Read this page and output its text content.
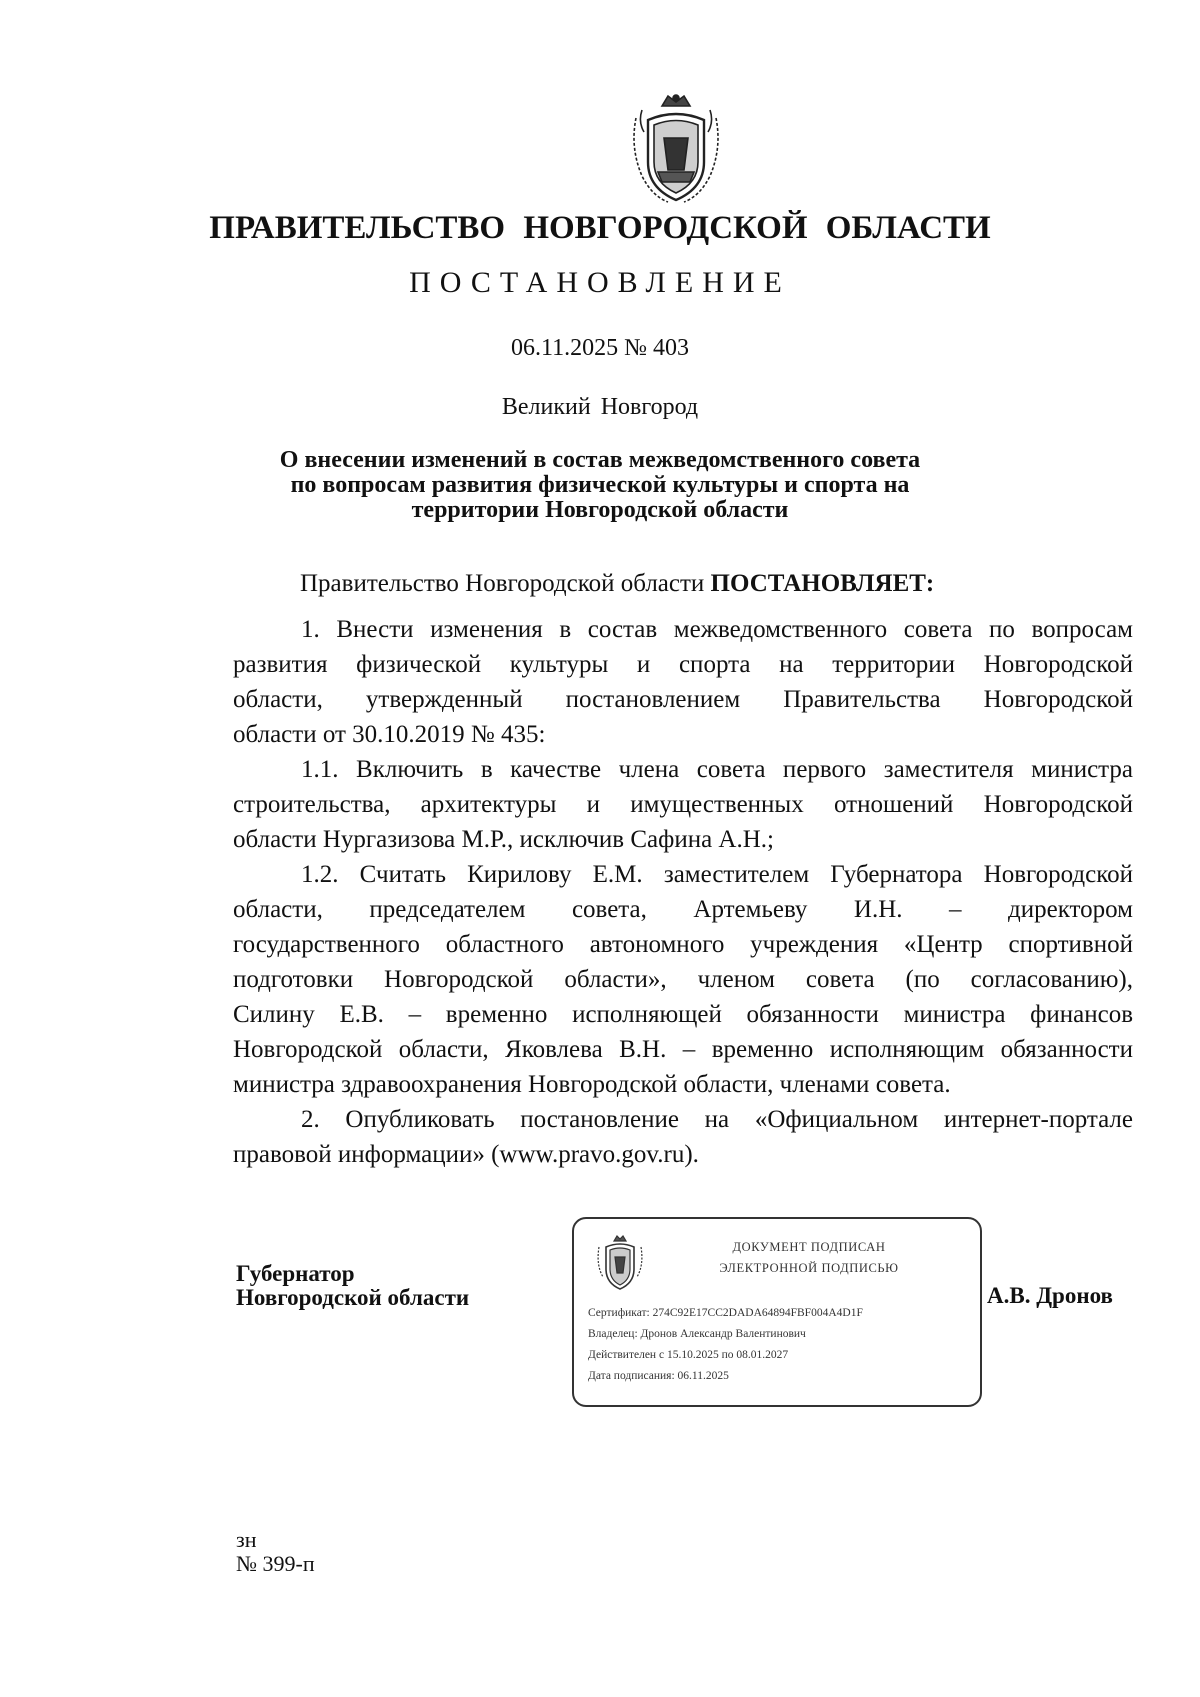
ПРАВИТЕЛЬСТВО НОВГОРОДСКОЙ ОБЛАСТИ
ПОСТАНОВЛЕНИЕ
06.11.2025 № 403
Великий Новгород
О внесении изменений в состав межведомственного совета
по вопросам развития физической культуры и спорта на
территории Новгородской области
Правительство Новгородской области ПОСТАНОВЛЯЕТ:
1. Внести изменения в состав межведомственного совета по вопросам
развития физической культуры и спорта на территории Новгородской
области, утвержденный постановлением Правительства Новгородской
области от 30.10.2019 № 435:
1.1. Включить в качестве члена совета первого заместителя министра
строительства, архитектуры и имущественных отношений Новгородской
области Нургазизова М.Р., исключив Сафина А.Н.;
1.2. Считать Кирилову Е.М. заместителем Губернатора Новгородской
области, председателем совета, Артемьеву И.Н. – директором
государственного областного автономного учреждения «Центр спортивной
подготовки Новгородской области», членом совета (по согласованию),
Силину Е.В. – временно исполняющей обязанности министра финансов
Новгородской области, Яковлева В.Н. – временно исполняющим обязанности
министра здравоохранения Новгородской области, членами совета.
2. Опубликовать постановление на «Официальном интернет-портале
правовой информации» (www.pravo.gov.ru).
Губернатор
Новгородской области
ДОКУМЕНТ ПОДПИСАН
ЭЛЕКТРОННОЙ ПОДПИСЬЮ
Сертификат: 274C92E17CC2DADA64894FBF004A4D1F
Владелец: Дронов Александр Валентинович
Действителен с 15.10.2025 по 08.01.2027
Дата подписания: 06.11.2025
А.В. Дронов
зн
№ 399-п
